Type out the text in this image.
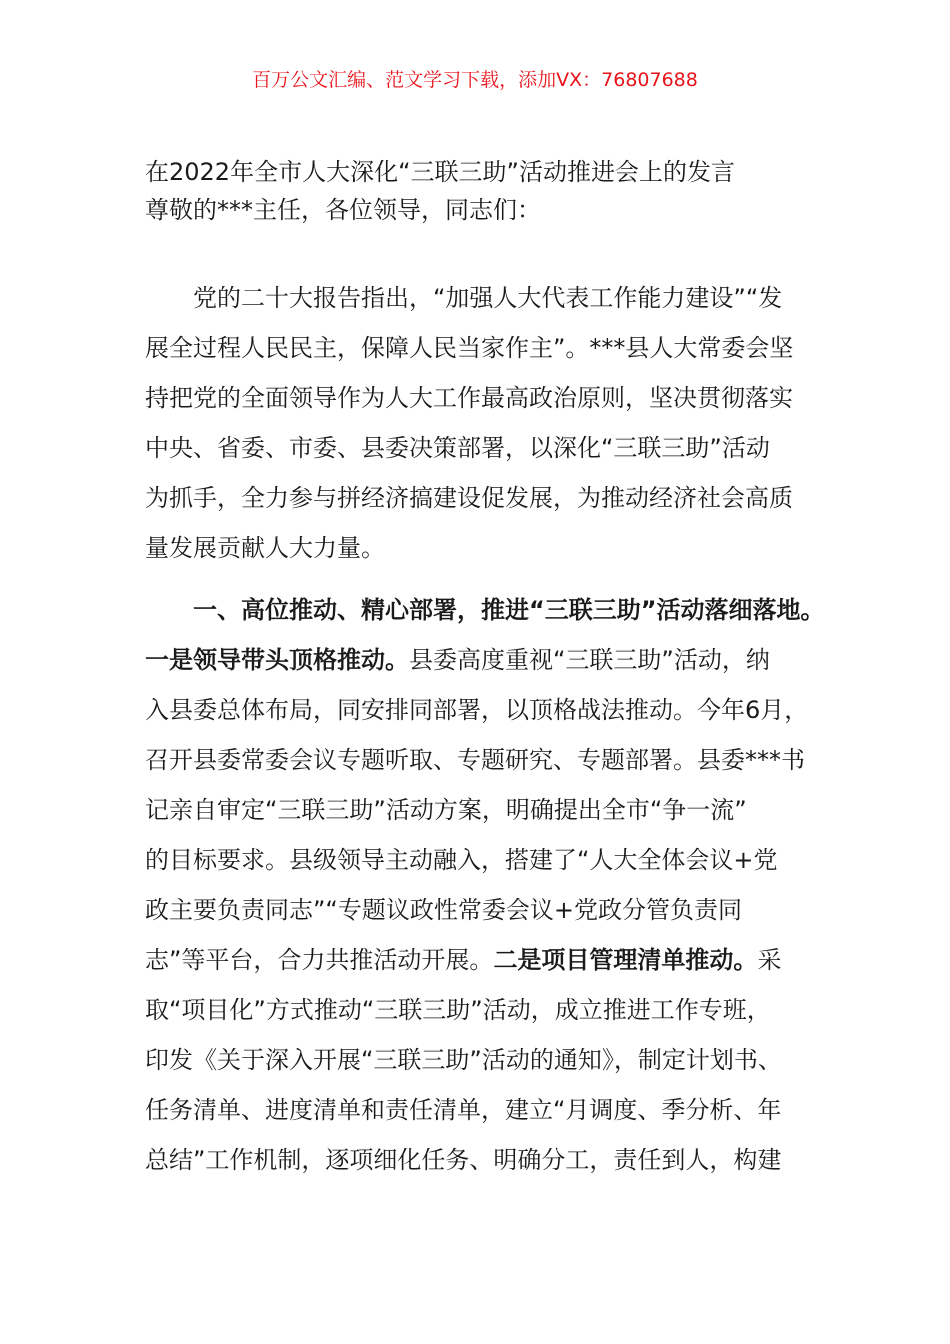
百万公文汇编、范文学习下载，添加VX：76807688
在2022年全市人大深化“三联三助”活动推进会上的发言
尊敬的***主任，各位领导，同志们：
　　党的二十大报告指出，“加强人大代表工作能力建设”“发
展全过程人民民主，保障人民当家作主”。***县人大常委会坚
持把党的全面领导作为人大工作最高政治原则，坚决贯彻落实
中央、省委、市委、县委决策部署，以深化“三联三助”活动
为抓手，全力参与拼经济搞建设促发展，为推动经济社会高质
量发展贡献人大力量。
　　一、高位推动、精心部署，推进“三联三助”活动落细落地。
一是领导带头顶格推动。县委高度重视“三联三助”活动，纳
入县委总体布局，同安排同部署，以顶格战法推动。今年6月，
召开县委常委会议专题听取、专题研究、专题部署。县委***书
记亲自审定“三联三助”活动方案，明确提出全市“争一流”
的目标要求。县级领导主动融入，搭建了“人大全体会议+党
政主要负责同志”“专题议政性常委会议+党政分管负责同
志”等平台，合力共推活动开展。二是项目管理清单推动。采
取“项目化”方式推动“三联三助”活动，成立推进工作专班，
印发《关于深入开展“三联三助”活动的通知》，制定计划书、
任务清单、进度清单和责任清单，建立“月调度、季分析、年
总结”工作机制，逐项细化任务、明确分工，责任到人，构建
